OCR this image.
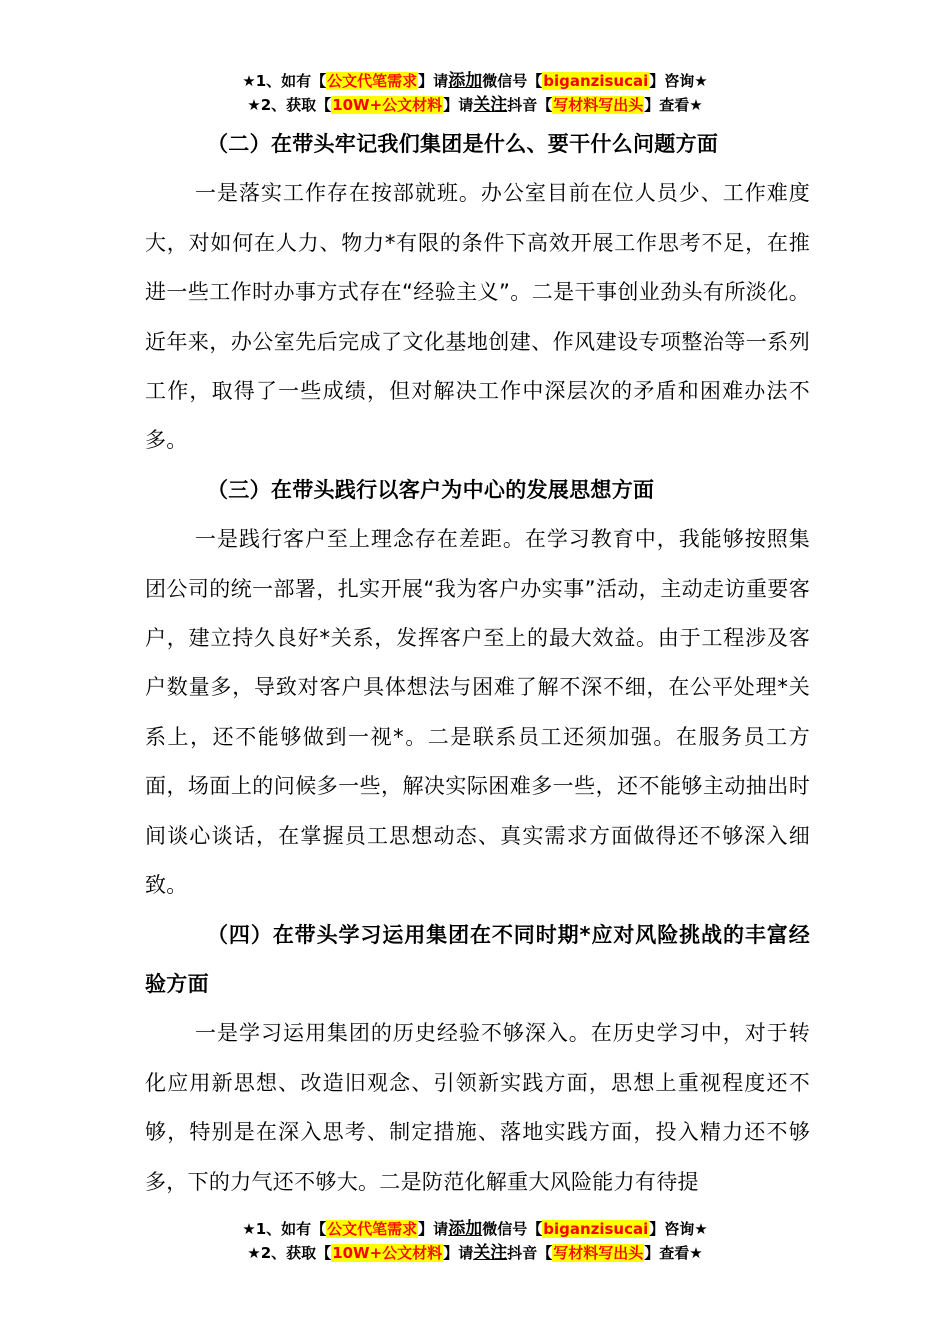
★1、如有【公文代笔需求】请添加微信号【biganzisucai】咨询★
★2、获取【10W+公文材料】请关注抖音【写材料写出头】查看★

（二）在带头牢记我们集团是什么、要干什么问题方面

一是落实工作存在按部就班。办公室目前在位人员少、工作难度大，对如何在人力、物力*有限的条件下高效开展工作思考不足，在推进一些工作时办事方式存在“经验主义”。二是干事创业劲头有所淡化。近年来，办公室先后完成了文化基地创建、作风建设专项整治等一系列工作，取得了一些成绩，但对解决工作中深层次的矛盾和困难办法不多。

（三）在带头践行以客户为中心的发展思想方面

一是践行客户至上理念存在差距。在学习教育中，我能够按照集团公司的统一部署，扎实开展“我为客户办实事”活动，主动走访重要客户，建立持久良好*关系，发挥客户至上的最大效益。由于工程涉及客户数量多，导致对客户具体想法与困难了解不深不细，在公平处理*关系上，还不能够做到一视*。二是联系员工还须加强。在服务员工方面，场面上的问候多一些，解决实际困难多一些，还不能够主动抽出时间谈心谈话，在掌握员工思想动态、真实需求方面做得还不够深入细致。

（四）在带头学习运用集团在不同时期*应对风险挑战的丰富经验方面

一是学习运用集团的历史经验不够深入。在历史学习中，对于转化应用新思想、改造旧观念、引领新实践方面，思想上重视程度还不够，特别是在深入思考、制定措施、落地实践方面，投入精力还不够多，下的力气还不够大。二是防范化解重大风险能力有待提

★1、如有【公文代笔需求】请添加微信号【biganzisucai】咨询★
★2、获取【10W+公文材料】请关注抖音【写材料写出头】查看★
